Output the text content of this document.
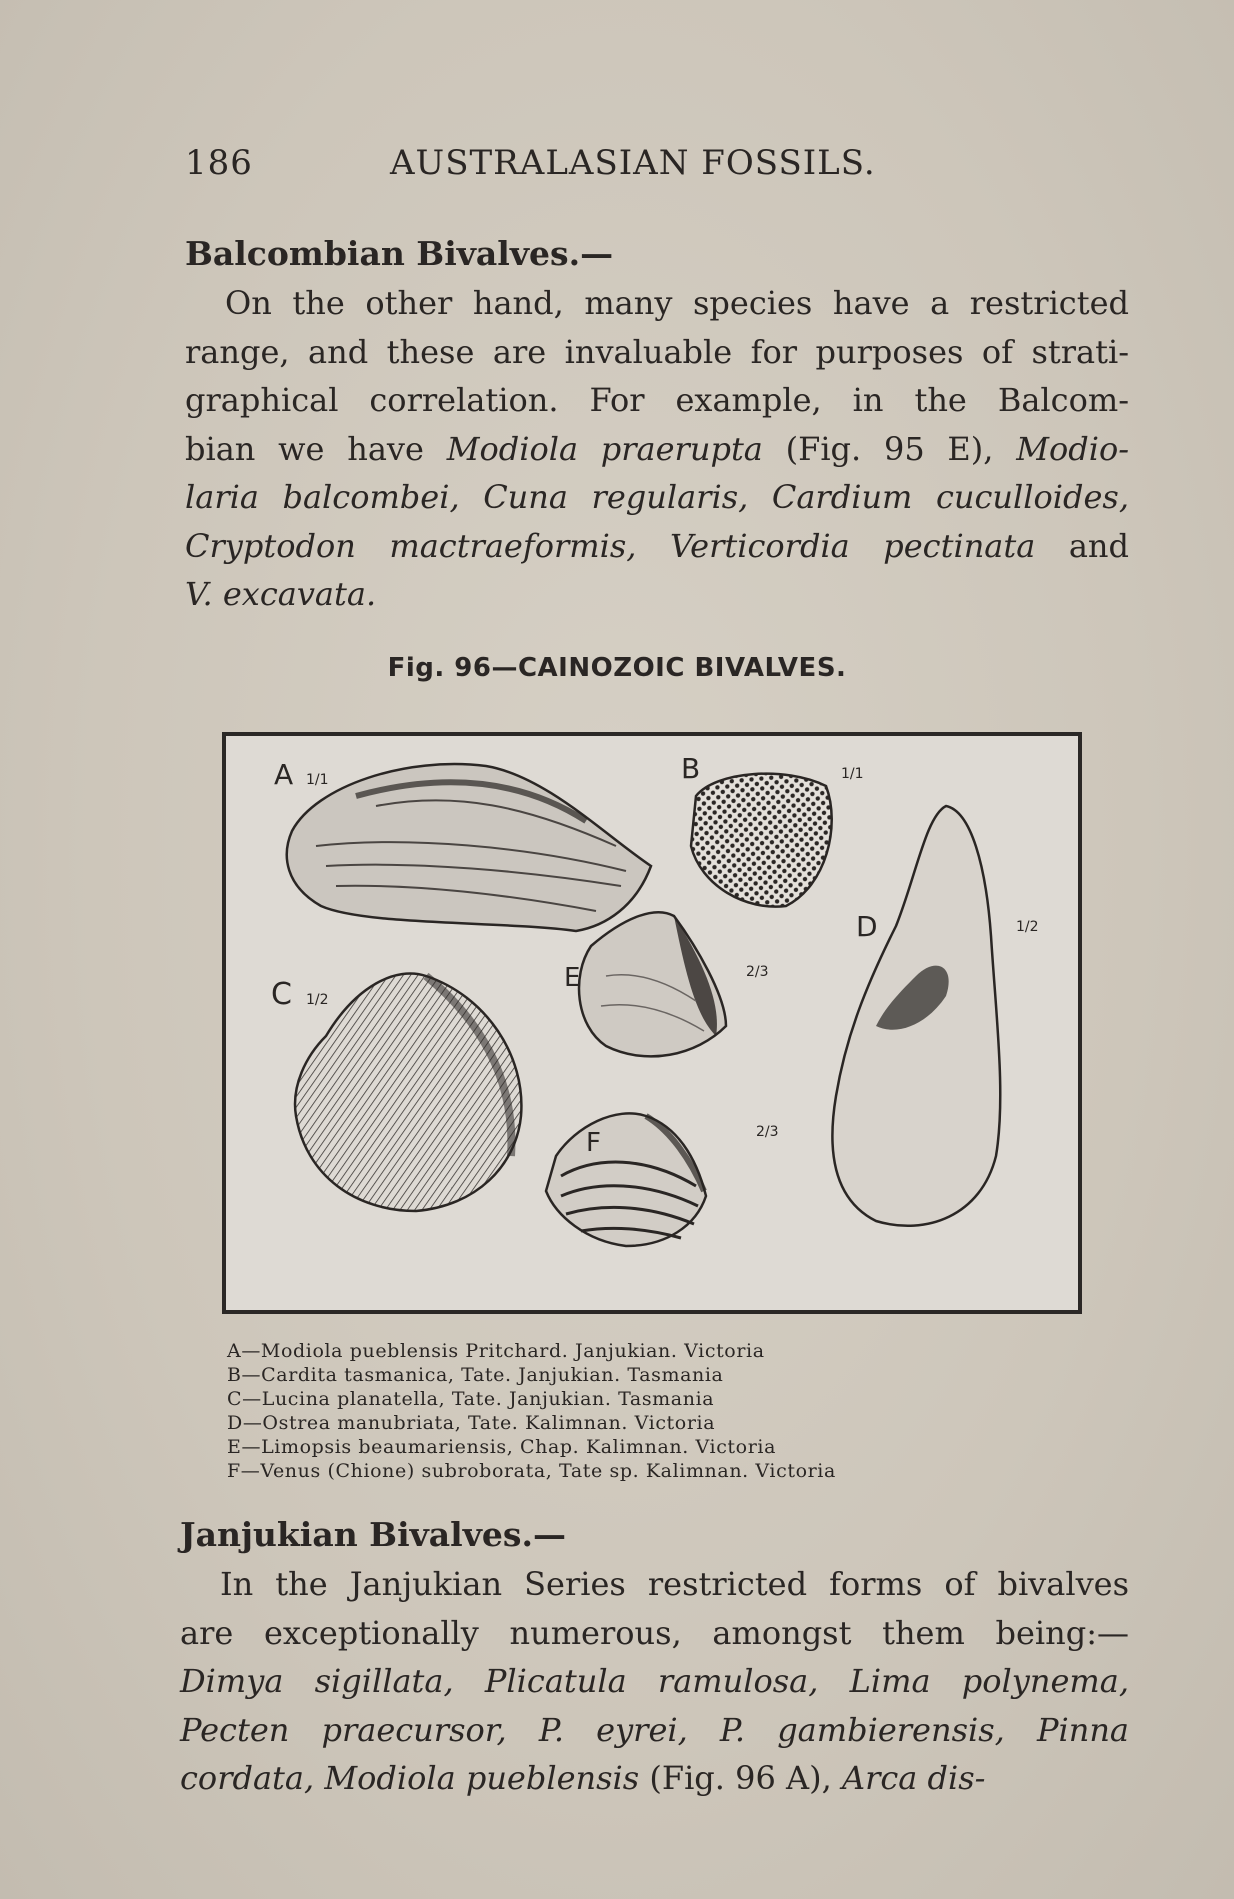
186	AUSTRALASIAN FOSSILS.
Balcombian Bivalves.—
On the other hand, many species have a restricted
range, and these are invaluable for purposes of strati-
graphical correlation. For example, in the Balcom-
bian we have Modiola praerupta (Fig. 95 E), Modio-
laria balcombei, Cuna regularis, Cardium cuculloides,
Cryptodon mactraeformis, Verticordia pectinata and
V. excavata.
Fig. 96—CAINOZOIC BIVALVES.
A 1/1	B	1/1
C 1/2
D	1/2
E	2/3
F	2/3
A—Modiola pueblensis Pritchard. Janjukian. Victoria
B—Cardita tasmanica, Tate. Janjukian. Tasmania
C—Lucina planatella, Tate. Janjukian. Tasmania
D—Ostrea manubriata, Tate. Kalimnan. Victoria
E—Limopsis beaumariensis, Chap. Kalimnan. Victoria
F—Venus (Chione) subroborata, Tate sp. Kalimnan. Victoria
Janjukian Bivalves.—
In the Janjukian Series restricted forms of bivalves
are exceptionally numerous, amongst them being:—
Dimya sigillata, Plicatula ramulosa, Lima polynema,
Pecten praecursor, P. eyrei, P. gambierensis, Pinna
cordata, Modiola pueblensis (Fig. 96 A), Arca dis-
